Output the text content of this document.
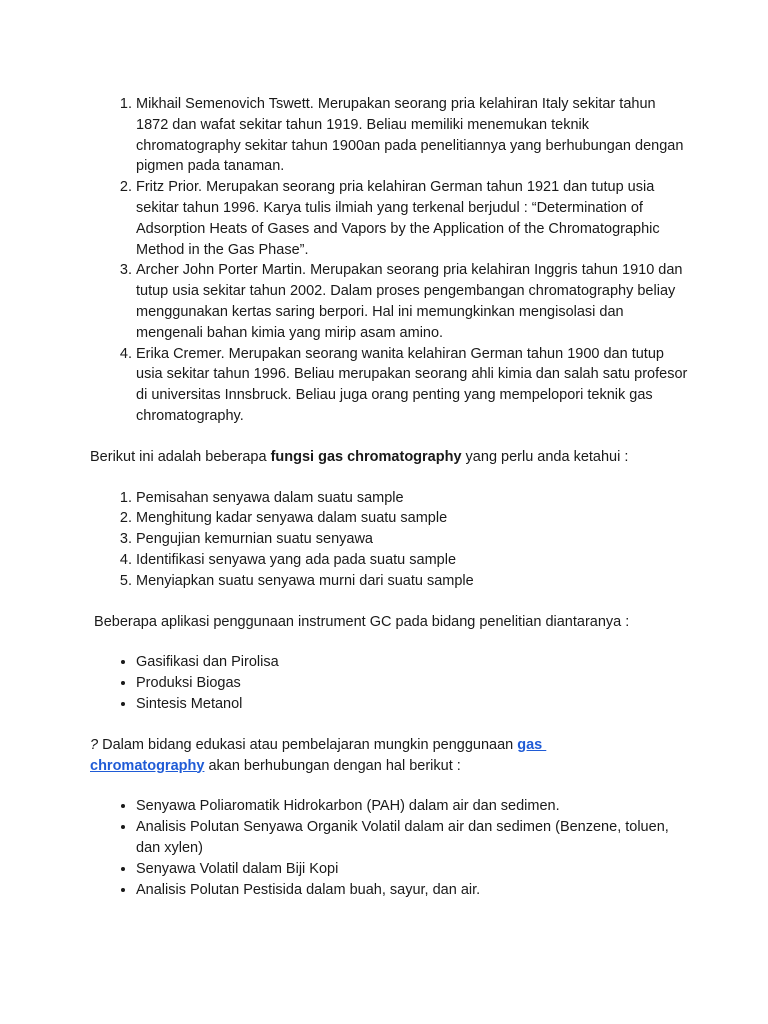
1. Mikhail Semenovich Tswett. Merupakan seorang pria kelahiran Italy sekitar tahun 1872 dan wafat sekitar tahun 1919. Beliau memiliki menemukan teknik chromatography sekitar tahun 1900an pada penelitiannya yang berhubungan dengan pigmen pada tanaman.
2. Fritz Prior. Merupakan seorang pria kelahiran German tahun 1921 dan tutup usia sekitar tahun 1996. Karya tulis ilmiah yang terkenal berjudul : “Determination of Adsorption Heats of Gases and Vapors by the Application of the Chromatographic Method in the Gas Phase”.
3. Archer John Porter Martin. Merupakan seorang pria kelahiran Inggris tahun 1910 dan tutup usia sekitar tahun 2002. Dalam proses pengembangan chromatography beliay menggunakan kertas saring berpori. Hal ini memungkinkan mengisolasi dan mengenali bahan kimia yang mirip asam amino.
4. Erika Cremer. Merupakan seorang wanita kelahiran German tahun 1900 dan tutup usia sekitar tahun 1996. Beliau merupakan seorang ahli kimia dan salah satu profesor di universitas Innsbruck. Beliau juga orang penting yang mempelopori teknik gas chromatography.

Berikut ini adalah beberapa fungsi gas chromatography yang perlu anda ketahui :

1. Pemisahan senyawa dalam suatu sample
2. Menghitung kadar senyawa dalam suatu sample
3. Pengujian kemurnian suatu senyawa
4. Identifikasi senyawa yang ada pada suatu sample
5. Menyiapkan suatu senyawa murni dari suatu sample

Beberapa aplikasi penggunaan instrument GC pada bidang penelitian diantaranya :

• Gasifikasi dan Pirolisa
• Produksi Biogas
• Sintesis Metanol

? Dalam bidang edukasi atau pembelajaran mungkin penggunaan gas
chromatography akan berhubungan dengan hal berikut :

• Senyawa Poliaromatik Hidrokarbon (PAH) dalam air dan sedimen.
• Analisis Polutan Senyawa Organik Volatil dalam air dan sedimen (Benzene, toluen, dan xylen)
• Senyawa Volatil dalam Biji Kopi
• Analisis Polutan Pestisida dalam buah, sayur, dan air.
